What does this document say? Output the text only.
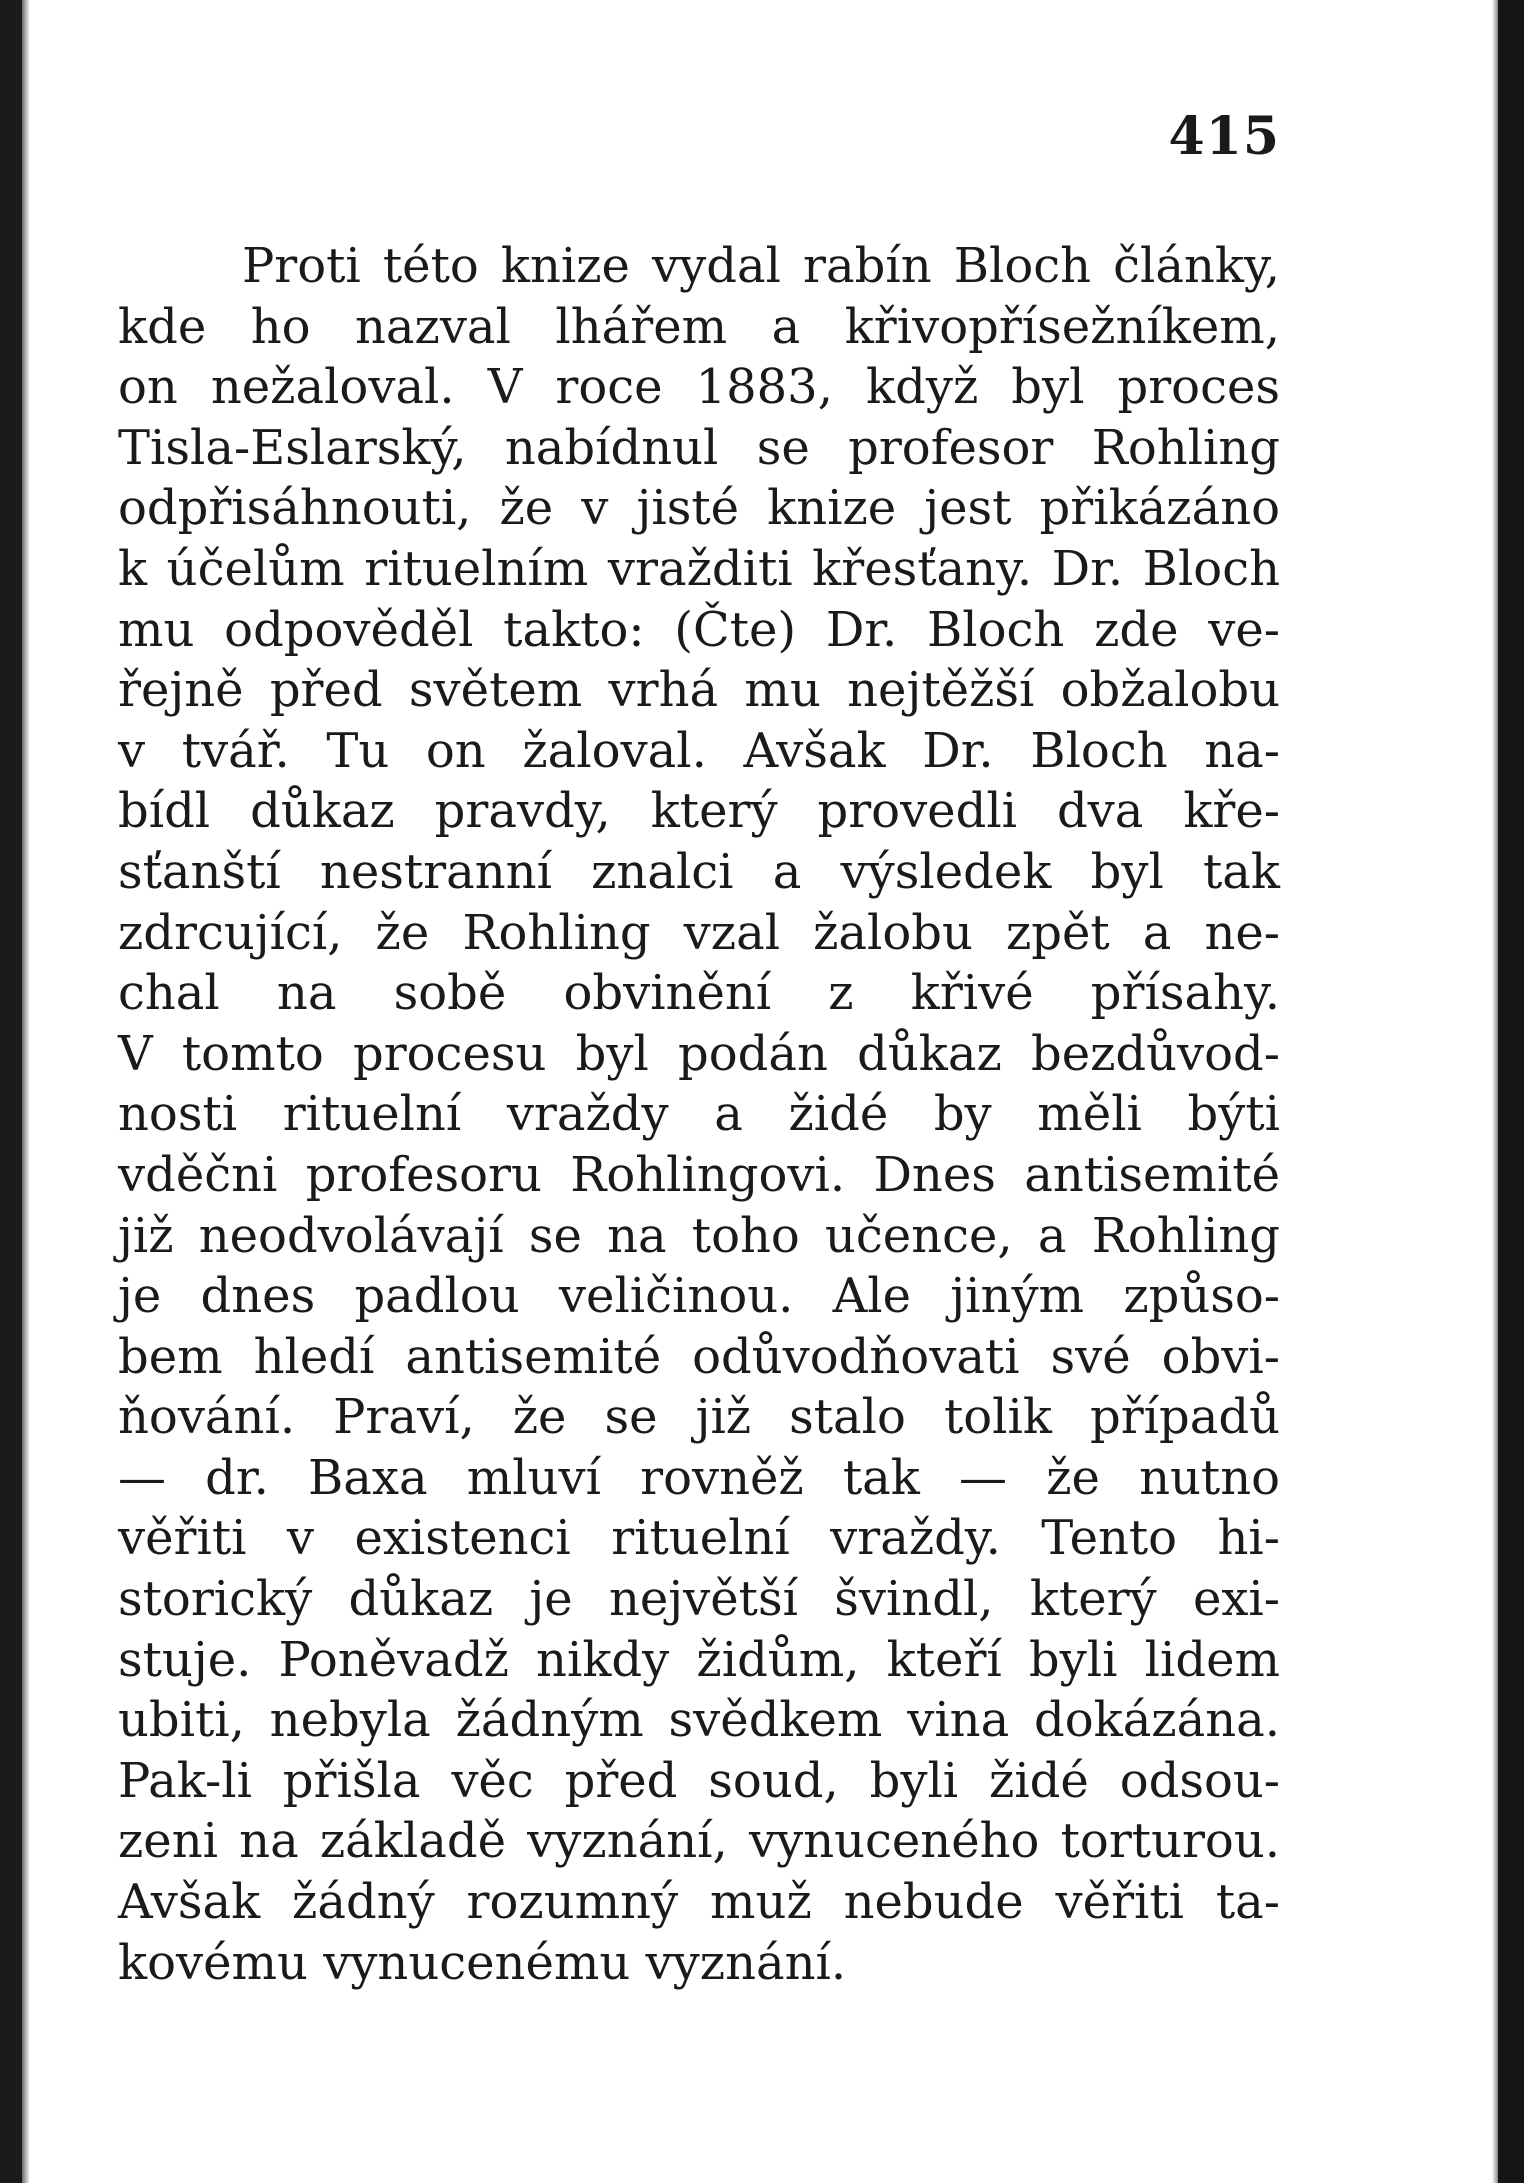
415
Proti této knize vydal rabín Bloch články,
kde ho nazval lhářem a křivopřísežníkem,
on nežaloval. V roce 1883, když byl proces
Tisla-Eslarský, nabídnul se profesor Rohling
odpřisáhnouti, že v jisté knize jest přikázáno
k účelům rituelním vražditi křesťany. Dr. Bloch
mu odpověděl takto: (Čte) Dr. Bloch zde ve-
řejně před světem vrhá mu nejtěžší obžalobu
v tvář. Tu on žaloval. Avšak Dr. Bloch na-
bídl důkaz pravdy, který provedli dva kře-
sťanští nestranní znalci a výsledek byl tak
zdrcující, že Rohling vzal žalobu zpět a ne-
chal na sobě obvinění z křivé přísahy.
V tomto procesu byl podán důkaz bezdůvod-
nosti rituelní vraždy a židé by měli býti
vděčni profesoru Rohlingovi. Dnes antisemité
již neodvolávají se na toho učence, a Rohling
je dnes padlou veličinou. Ale jiným způso-
bem hledí antisemité odůvodňovati své obvi-
ňování. Praví, že se již stalo tolik případů
— dr. Baxa mluví rovněž tak — že nutno
věřiti v existenci rituelní vraždy. Tento hi-
storický důkaz je největší švindl, který exi-
stuje. Poněvadž nikdy židům, kteří byli lidem
ubiti, nebyla žádným svědkem vina dokázána.
Pak-li přišla věc před soud, byli židé odsou-
zeni na základě vyznání, vynuceného torturou.
Avšak žádný rozumný muž nebude věřiti ta-
kovému vynucenému vyznání.
